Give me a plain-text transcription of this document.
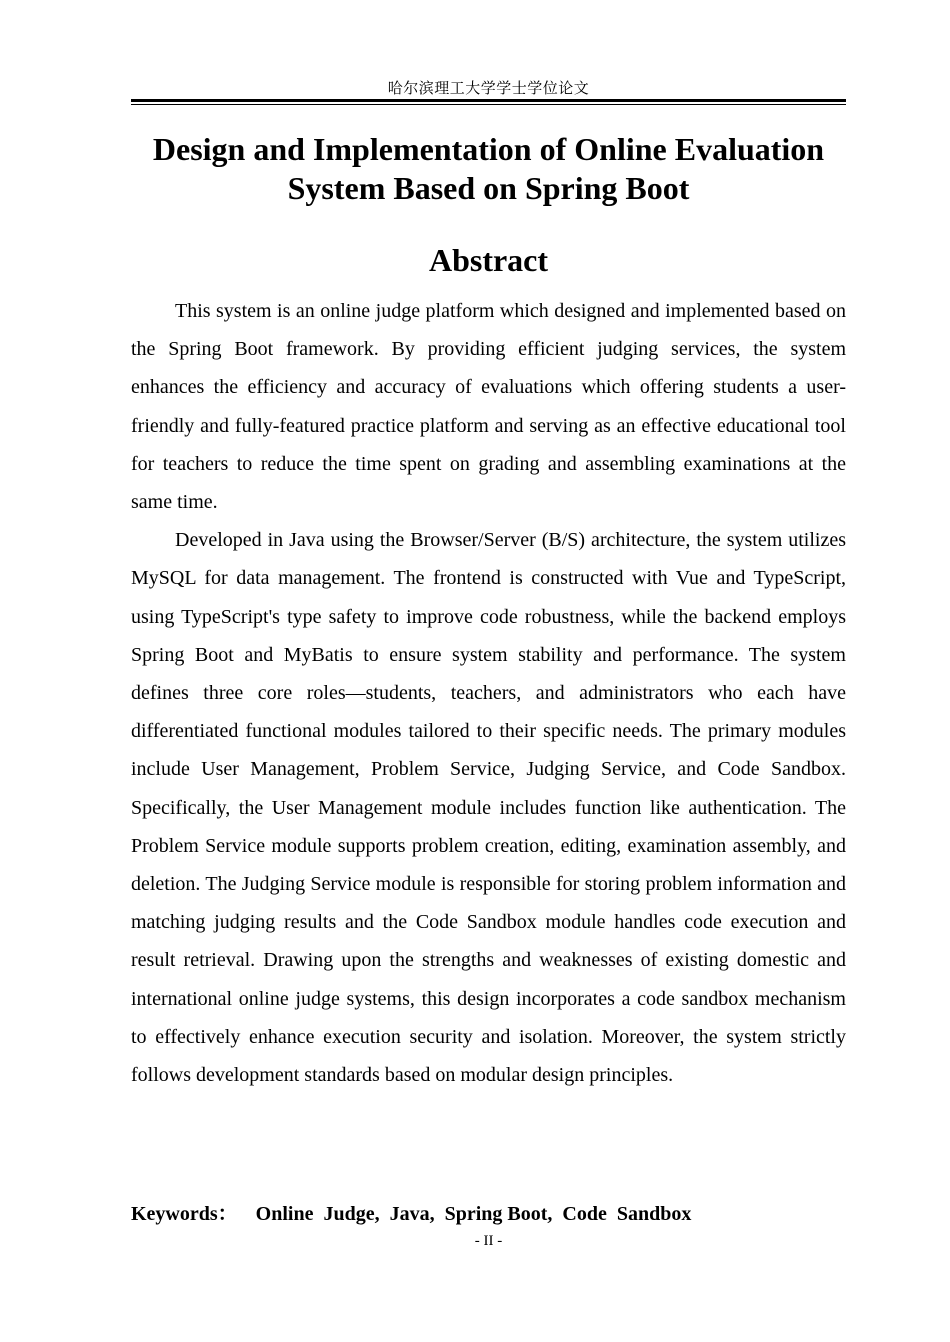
哈尔滨理工大学学士学位论文
Design and Implementation of Online Evaluation
System Based on Spring Boot
Abstract

This system is an online judge platform which designed and implemented based on the Spring Boot framework. By providing efficient judging services, the system enhances the efficiency and accuracy of evaluations which offering students a user-friendly and fully-featured practice platform and serving as an effective educational tool for teachers to reduce the time spent on grading and assembling examinations at the same time.

Developed in Java using the Browser/Server (B/S) architecture, the system utilizes MySQL for data management. The frontend is constructed with Vue and TypeScript, using TypeScript's type safety to improve code robustness, while the backend employs Spring Boot and MyBatis to ensure system stability and performance. The system defines three core roles—students, teachers, and administrators who each have differentiated functional modules tailored to their specific needs. The primary modules include User Management, Problem Service, Judging Service, and Code Sandbox. Specifically, the User Management module includes function like authentication. The Problem Service module supports problem creation, editing, examination assembly, and deletion. The Judging Service module is responsible for storing problem information and matching judging results and the Code Sandbox module handles code execution and result retrieval. Drawing upon the strengths and weaknesses of existing domestic and international online judge systems, this design incorporates a code sandbox mechanism to effectively enhance execution security and isolation. Moreover, the system strictly follows development standards based on modular design principles.

Keywords： Online  Judge,  Java,  Spring Boot,  Code  Sandbox
- II -
